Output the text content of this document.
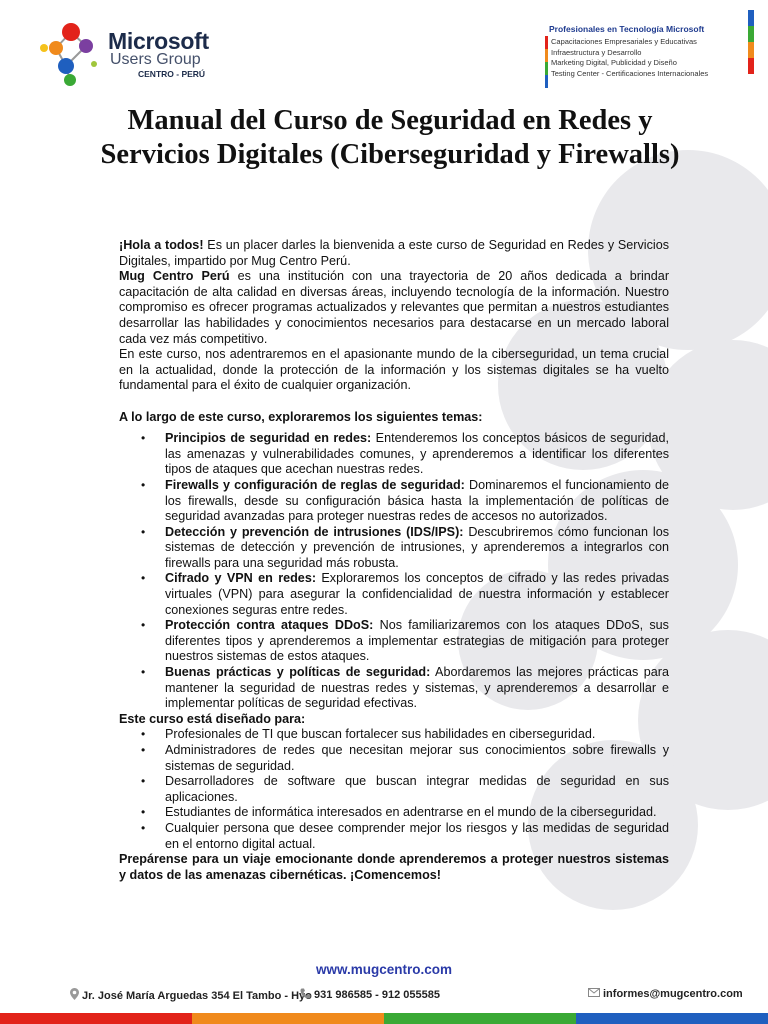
Microsoft
Users Group
CENTRO - PERÚ
Profesionales en Tecnología Microsoft
Capacitaciones Empresariales y Educativas
Infraestructura y Desarrollo
Marketing Digital, Publicidad y Diseño
Testing Center - Certificaciones Internacionales
Manual del Curso de Seguridad en Redes y Servicios Digitales (Ciberseguridad y Firewalls)

¡Hola a todos! Es un placer darles la bienvenida a este curso de Seguridad en Redes y Servicios Digitales, impartido por Mug Centro Perú.

Mug Centro Perú es una institución con una trayectoria de 20 años dedicada a brindar capacitación de alta calidad en diversas áreas, incluyendo tecnología de la información. Nuestro compromiso es ofrecer programas actualizados y relevantes que permitan a nuestros estudiantes desarrollar las habilidades y conocimientos necesarios para destacarse en un mercado laboral cada vez más competitivo.

En este curso, nos adentraremos en el apasionante mundo de la ciberseguridad, un tema crucial en la actualidad, donde la protección de la información y los sistemas digitales se ha vuelto fundamental para el éxito de cualquier organización.

A lo largo de este curso, exploraremos los siguientes temas:

• Principios de seguridad en redes: Entenderemos los conceptos básicos de seguridad, las amenazas y vulnerabilidades comunes, y aprenderemos a identificar los diferentes tipos de ataques que acechan nuestras redes.
• Firewalls y configuración de reglas de seguridad: Dominaremos el funcionamiento de los firewalls, desde su configuración básica hasta la implementación de políticas de seguridad avanzadas para proteger nuestras redes de accesos no autorizados.
• Detección y prevención de intrusiones (IDS/IPS): Descubriremos cómo funcionan los sistemas de detección y prevención de intrusiones, y aprenderemos a integrarlos con firewalls para una seguridad más robusta.
• Cifrado y VPN en redes: Exploraremos los conceptos de cifrado y las redes privadas virtuales (VPN) para asegurar la confidencialidad de nuestra información y establecer conexiones seguras entre redes.
• Protección contra ataques DDoS: Nos familiarizaremos con los ataques DDoS, sus diferentes tipos y aprenderemos a implementar estrategias de mitigación para proteger nuestros sistemas de estos ataques.
• Buenas prácticas y políticas de seguridad: Abordaremos las mejores prácticas para mantener la seguridad de nuestras redes y sistemas, y aprenderemos a desarrollar e implementar políticas de seguridad efectivas.

Este curso está diseñado para:

• Profesionales de TI que buscan fortalecer sus habilidades en ciberseguridad.
• Administradores de redes que necesitan mejorar sus conocimientos sobre firewalls y sistemas de seguridad.
• Desarrolladores de software que buscan integrar medidas de seguridad en sus aplicaciones.
• Estudiantes de informática interesados en adentrarse en el mundo de la ciberseguridad.
• Cualquier persona que desee comprender mejor los riesgos y las medidas de seguridad en el entorno digital actual.

Prepárense para un viaje emocionante donde aprenderemos a proteger nuestros sistemas y datos de las amenazas cibernéticas. ¡Comencemos!

www.mugcentro.com
Jr. José María Arguedas 354 El Tambo - Hyo 931 986585 - 912 055585	informes@mugcentro.com
